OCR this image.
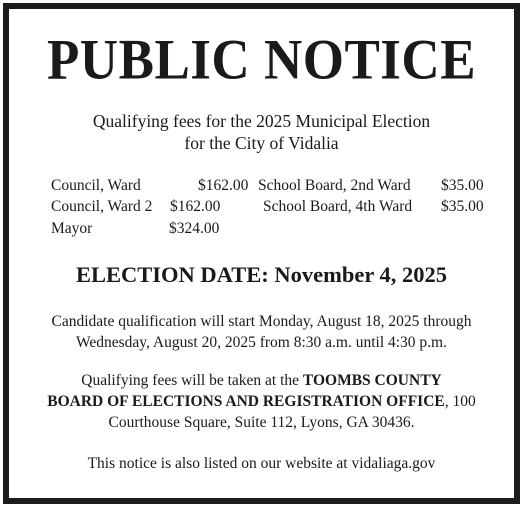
PUBLIC NOTICE
Qualifying fees for the 2025 Municipal Election
for the City of Vidalia
Council, Ward	$162.00
Council, Ward 2 $162.00
Mayor	$324.00
School Board, 2nd Ward $35.00
School Board, 4th Ward $35.00
ELECTION DATE: November 4, 2025
Candidate qualification will start Monday, August 18, 2025 through
Wednesday, August 20, 2025 from 8:30 a.m. until 4:30 p.m.
Qualifying fees will be taken at the TOOMBS COUNTY
BOARD OF ELECTIONS AND REGISTRATION OFFICE, 100
Courthouse Square, Suite 112, Lyons, GA 30436.
This notice is also listed on our website at vidaliaga.gov
